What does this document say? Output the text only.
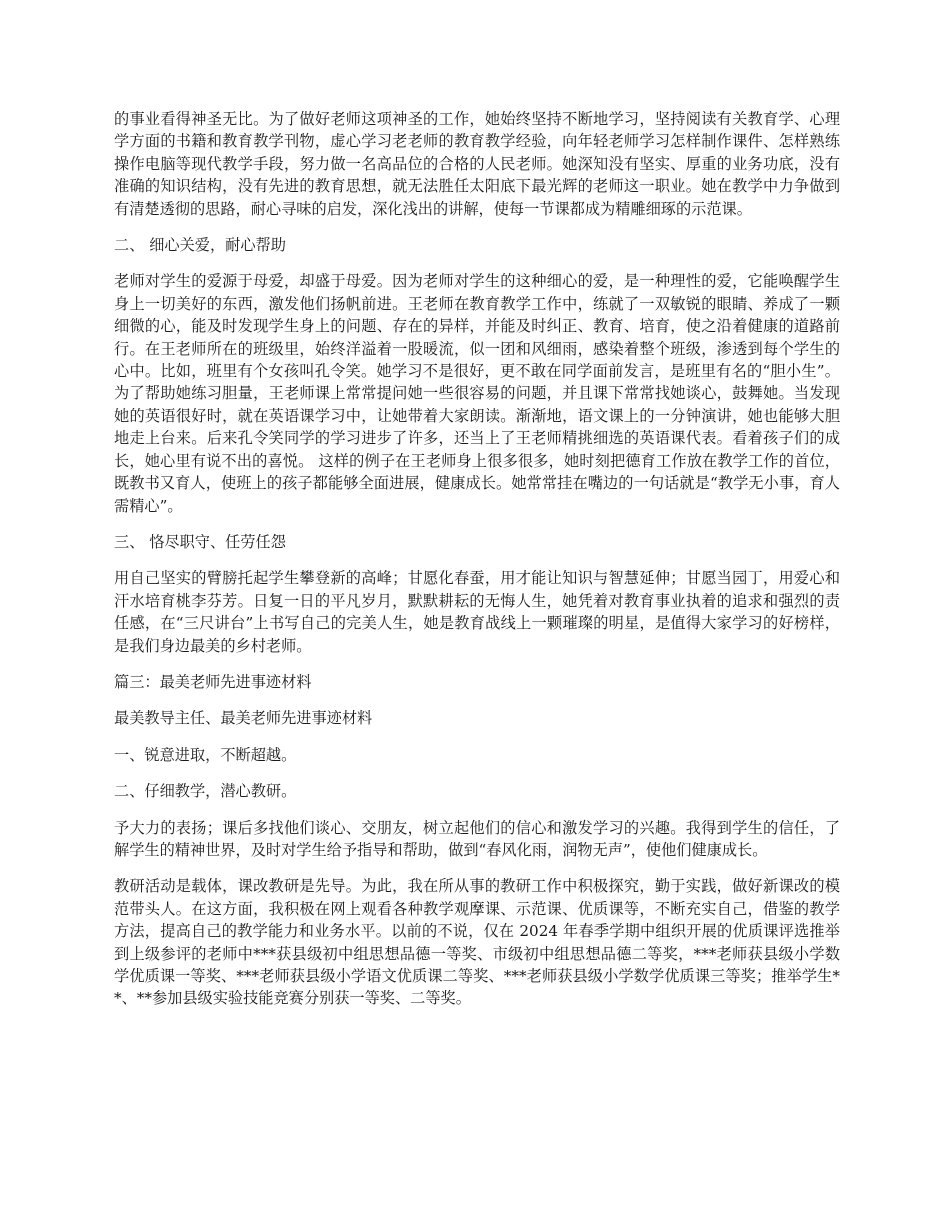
的事业看得神圣无比。为了做好老师这项神圣的工作，她始终坚持不断地学习，坚持阅读有关教育学、心理学方面的书籍和教育教学刊物，虚心学习老老师的教育教学经验，向年轻老师学习怎样制作课件、怎样熟练操作电脑等现代教学手段，努力做一名高品位的合格的人民老师。她深知没有坚实、厚重的业务功底，没有准确的知识结构，没有先进的教育思想，就无法胜任太阳底下最光辉的老师这一职业。她在教学中力争做到有清楚透彻的思路，耐心寻味的启发，深化浅出的讲解，使每一节课都成为精雕细琢的示范课。

二、 细心关爱，耐心帮助

老师对学生的爱源于母爱，却盛于母爱。因为老师对学生的这种细心的爱，是一种理性的爱，它能唤醒学生身上一切美好的东西，激发他们扬帆前进。王老师在教育教学工作中，练就了一双敏锐的眼睛、养成了一颗细微的心，能及时发现学生身上的问题、存在的异样，并能及时纠正、教育、培育，使之沿着健康的道路前行。在王老师所在的班级里，始终洋溢着一股暖流，似一团和风细雨，感染着整个班级，渗透到每个学生的心中。比如，班里有个女孩叫孔令笑。她学习不是很好，更不敢在同学面前发言，是班里有名的“胆小生”。为了帮助她练习胆量，王老师课上常常提问她一些很容易的问题，并且课下常常找她谈心，鼓舞她。当发现她的英语很好时，就在英语课学习中，让她带着大家朗读。渐渐地，语文课上的一分钟演讲，她也能够大胆地走上台来。后来孔令笑同学的学习进步了许多，还当上了王老师精挑细选的英语课代表。看着孩子们的成长，她心里有说不出的喜悦。 这样的例子在王老师身上很多很多，她时刻把德育工作放在教学工作的首位，既教书又育人，使班上的孩子都能够全面进展，健康成长。她常常挂在嘴边的一句话就是“教学无小事，育人需精心”。

三、 恪尽职守、任劳任怨

用自己坚实的臂膀托起学生攀登新的高峰；甘愿化春蚕，用才能让知识与智慧延伸；甘愿当园丁，用爱心和汗水培育桃李芬芳。日复一日的平凡岁月，默默耕耘的无悔人生，她凭着对教育事业执着的追求和强烈的责任感，在“三尺讲台”上书写自己的完美人生，她是教育战线上一颗璀璨的明星，是值得大家学习的好榜样，是我们身边最美的乡村老师。

篇三：最美老师先进事迹材料

最美教导主任、最美老师先进事迹材料

一、锐意进取，不断超越。

二、仔细教学，潜心教研。

予大力的表扬；课后多找他们谈心、交朋友，树立起他们的信心和激发学习的兴趣。我得到学生的信任，了解学生的精神世界，及时对学生给予指导和帮助，做到“春风化雨，润物无声”，使他们健康成长。

教研活动是载体，课改教研是先导。为此，我在所从事的教研工作中积极探究，勤于实践，做好新课改的模范带头人。在这方面，我积极在网上观看各种教学观摩课、示范课、优质课等，不断充实自己，借鉴的教学方法，提高自己的教学能力和业务水平。以前的不说，仅在 2024 年春季学期中组织开展的优质课评选推举到上级参评的老师中***获县级初中组思想品德一等奖、市级初中组思想品德二等奖，***老师获县级小学数学优质课一等奖、***老师获县级小学语文优质课二等奖、***老师获县级小学数学优质课三等奖；推举学生**、**参加县级实验技能竞赛分别获一等奖、二等奖。
